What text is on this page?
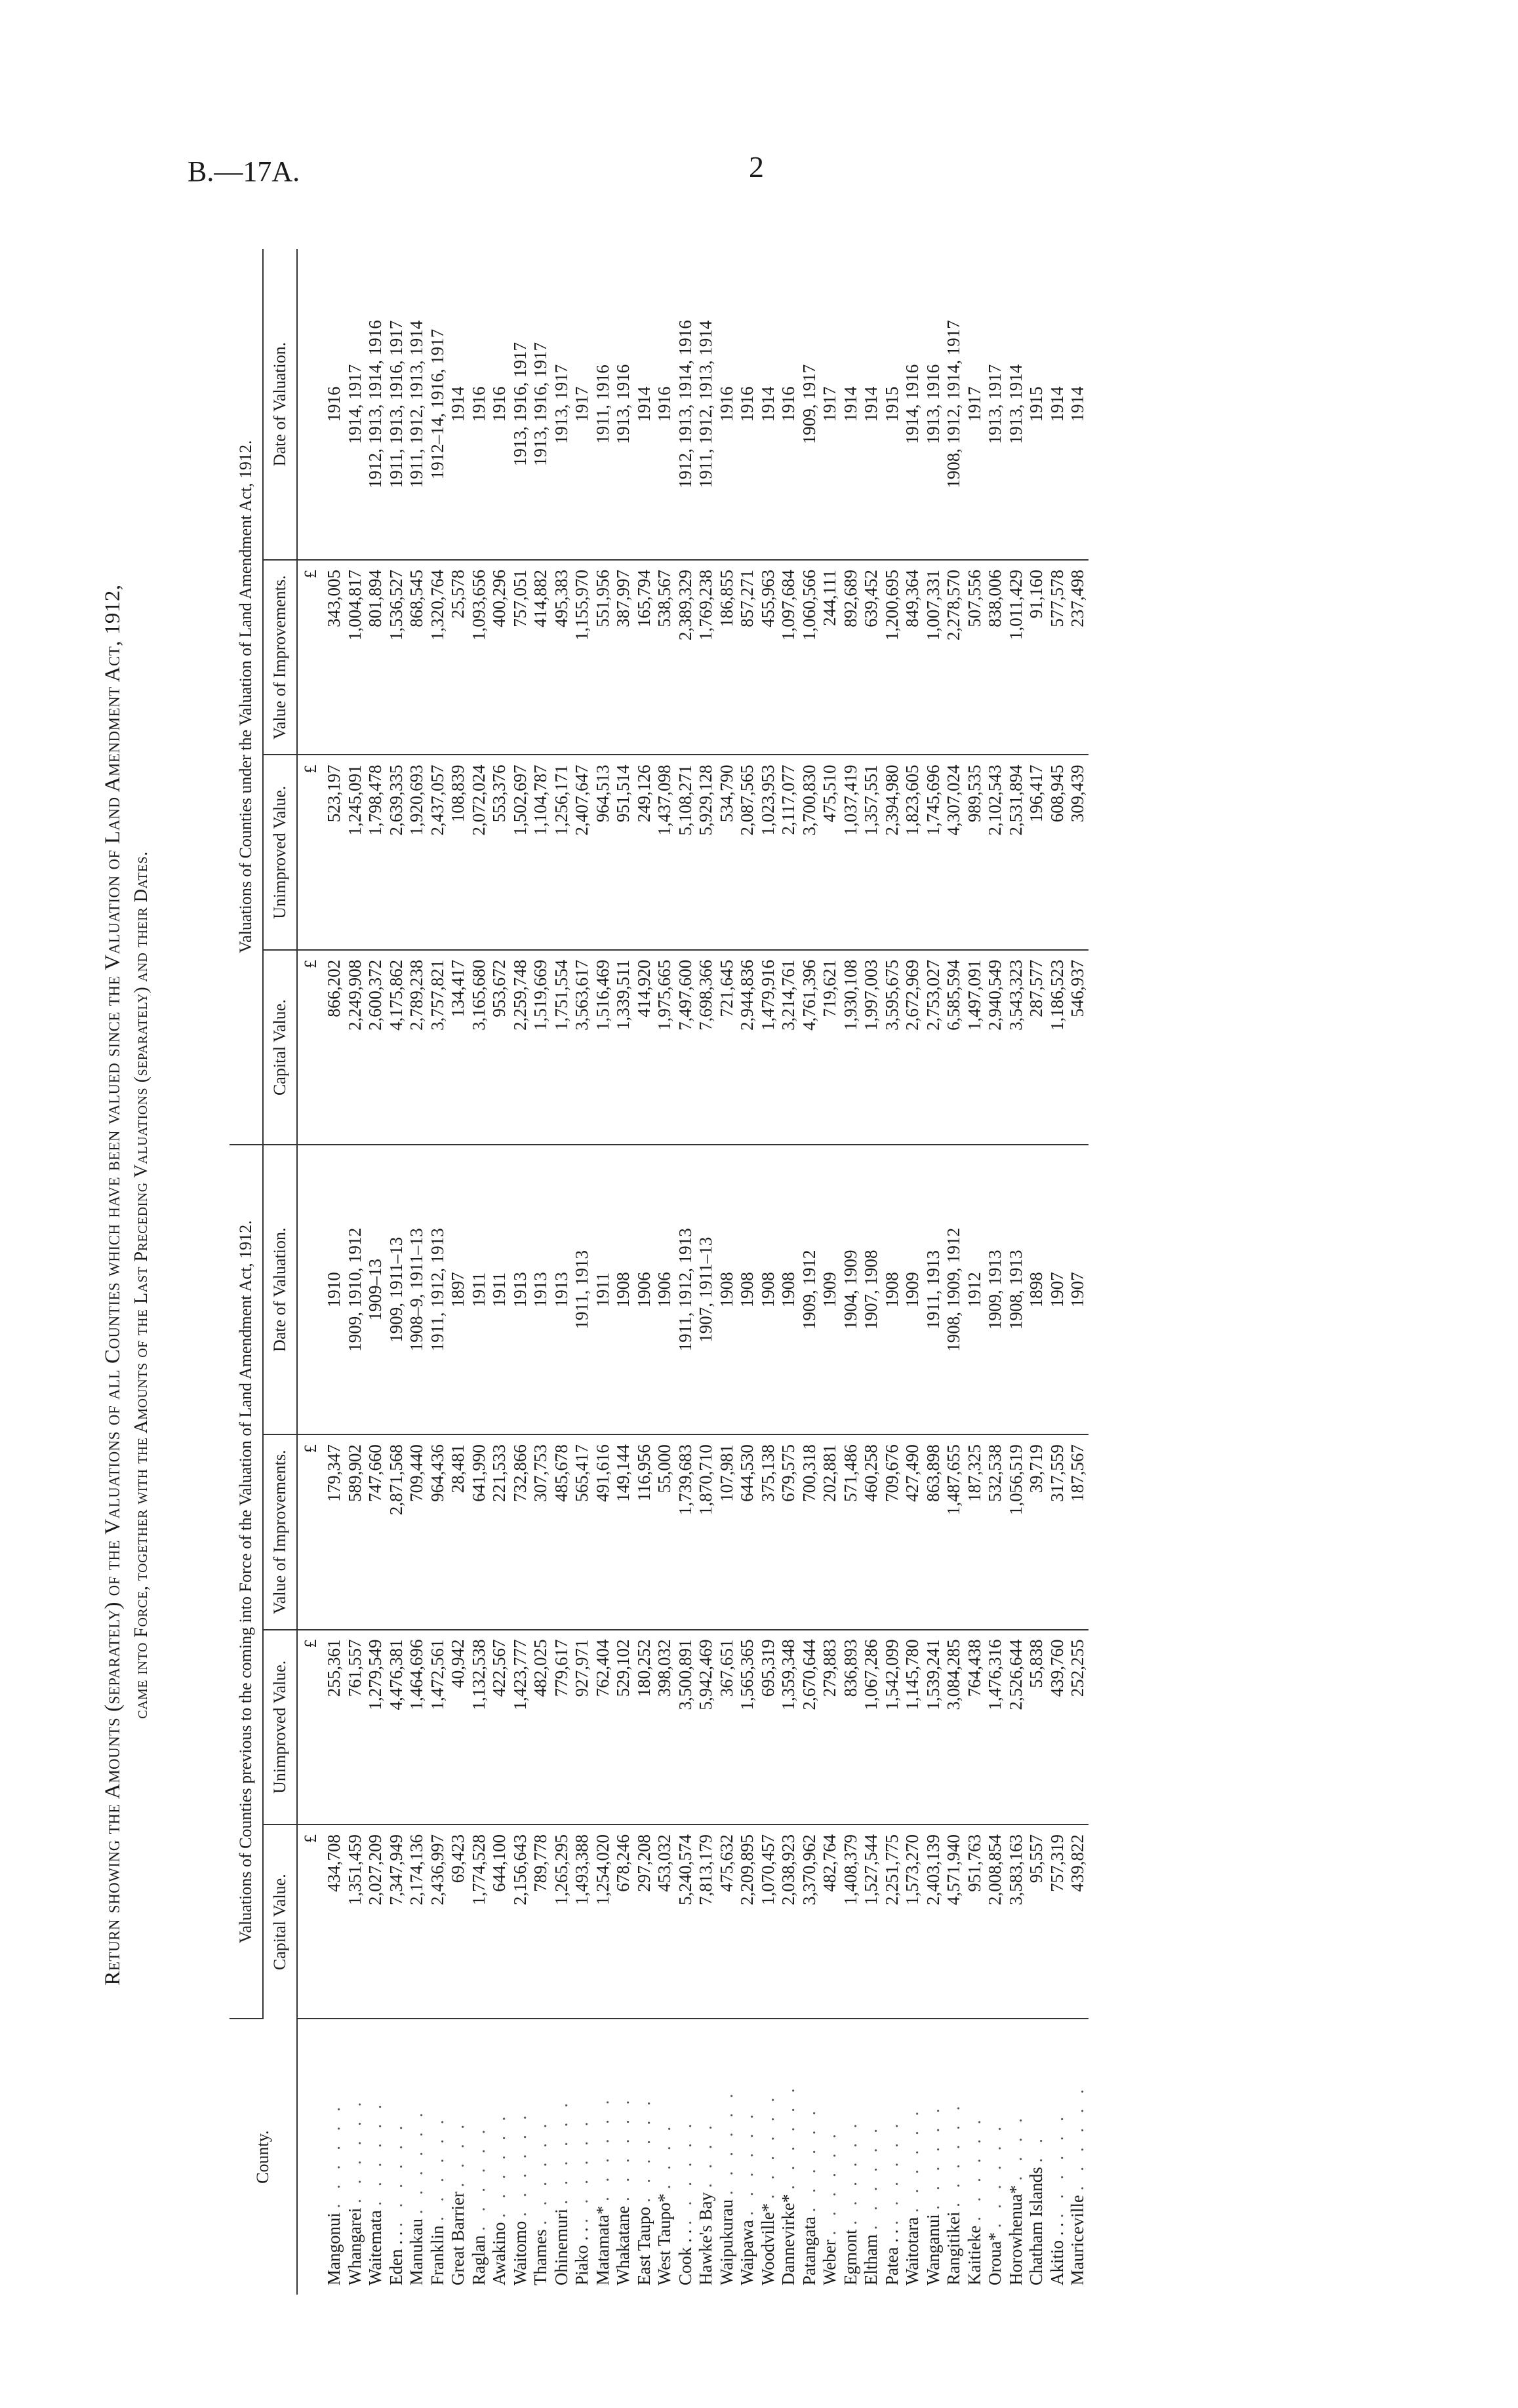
B.—17A.	2
Return showing the Amounts (separately) of the Valuations of all Counties which have been valued since the Valuation of Land Amendment Act, 1912, came into Force, together with the Amounts of the Last Preceding Valuations (separately) and their Dates.
County.	Valuations of Counties previous to the coming into Force of the Valuation of Land Amendment Act, 1912.				Valuations of Counties under the Valuation of Land Amendment Act, 1912.			
	Capital Value.	Unimproved Value.	Value of Improvements.	Date of Valuation.	Capital Value.	Unimproved Value.	Value of Improvements.	Date of Valuation.
	£	£	£		£	£	£	
Mangonui . . . . . .	434,708	255,361	179,347	1910	866,202	523,197	343,005	1916
Whangarei . . . . . .	1,351,459	761,557	589,902	1909, 1910, 1912	2,249,908	1,245,091	1,004,817	1914, 1917
Waitemata . . . . . .	2,027,209	1,279,549	747,660	1909–13	2,600,372	1,798,478	801,894	1912, 1913, 1914, 1916
Eden . . . . . . . .	7,347,949	4,476,381	2,871,568	1909, 1911–13	4,175,862	2,639,335	1,536,527	1911, 1913, 1916, 1917
Manukau . . . . . .	2,174,136	1,464,696	709,440	1908–9, 1911–13	2,789,238	1,920,693	868,545	1911, 1912, 1913, 1914
Franklin . . . . . .	2,436,997	1,472,561	964,436	1911, 1912, 1913	3,757,821	2,437,057	1,320,764	1912–14, 1916, 1917
Great Barrier . . . .	69,423	40,942	28,481	1897	134,417	108,839	25,578	1914
Raglan . . . . . .	1,774,528	1,132,538	641,990	1911	3,165,680	2,072,024	1,093,656	1916
Awakino . . . . . .	644,100	422,567	221,533	1911	953,672	553,376	400,296	1916
Waitomo . . . . . .	2,156,643	1,423,777	732,866	1913	2,259,748	1,502,697	757,051	1913, 1916, 1917
Thames . . . . . .	789,778	482,025	307,753	1913	1,519,669	1,104,787	414,882	1913, 1916, 1917
Ohinemuri . . . . . .	1,265,295	779,617	485,678	1913	1,751,554	1,256,171	495,383	1913, 1917
Piako . . . . . . . .	1,493,388	927,971	565,417	1911, 1913	3,563,617	2,407,647	1,155,970	1917
Matamata* . . . . . .	1,254,020	762,404	491,616	1911	1,516,469	964,513	551,956	1911, 1916
Whakatane . . . . . .	678,246	529,102	149,144	1908	1,339,511	951,514	387,997	1913, 1916
East Taupo . . . . . .	297,208	180,252	116,956	1906	414,920	249,126	165,794	1914
West Taupo* . . . .	453,032	398,032	55,000	1906	1,975,665	1,437,098	538,567	1916
Cook . . . . . . . .	5,240,574	3,500,891	1,739,683	1911, 1912, 1913	7,497,600	5,108,271	2,389,329	1912, 1913, 1914, 1916
Hawke's Bay . . . .	7,813,179	5,942,469	1,870,710	1907, 1911–13	7,698,366	5,929,128	1,769,238	1911, 1912, 1913, 1914
Waipukurau . . . . . .	475,632	367,651	107,981	1908	721,645	534,790	186,855	1916
Waipawa . . . . . .	2,209,895	1,565,365	644,530	1908	2,944,836	2,087,565	857,271	1916
Woodville* . . . . . .	1,070,457	695,319	375,138	1908	1,479,916	1,023,953	455,963	1914
Dannevirke* . . . . . .	2,038,923	1,359,348	679,575	1908	3,214,761	2,117,077	1,097,684	1916
Patangata . . . . . .	3,370,962	2,670,644	700,318	1909, 1912	4,761,396	3,700,830	1,060,566	1909, 1917
Weber . . . . . .	482,764	279,883	202,881	1909	719,621	475,510	244,111	1917
Egmont . . . . . .	1,408,379	836,893	571,486	1904, 1909	1,930,108	1,037,419	892,689	1914
Eltham . . . . . .	1,527,544	1,067,286	460,258	1907, 1908	1,997,003	1,357,551	639,452	1914
Patea . . . . . . . .	2,251,775	1,542,099	709,676	1908	3,595,675	2,394,980	1,200,695	1915
Waitotara . . . . . .	1,573,270	1,145,780	427,490	1909	2,672,969	1,823,605	849,364	1914, 1916
Wanganui . . . . . .	2,403,139	1,539,241	863,898	1911, 1913	2,753,027	1,745,696	1,007,331	1913, 1916
Rangitikei . . . . . .	4,571,940	3,084,285	1,487,655	1908, 1909, 1912	6,585,594	4,307,024	2,278,570	1908, 1912, 1914, 1917
Kaitieke . . . . . .	951,763	764,438	187,325	1912	1,497,091	989,535	507,556	1917
Oroua* . . . . . .	2,008,854	1,476,316	532,538	1909, 1913	2,940,549	2,102,543	838,006	1913, 1917
Horowhenua* . . . .	3,583,163	2,526,644	1,056,519	1908, 1913	3,543,323	2,531,894	1,011,429	1913, 1914
Chatham Islands . .	95,557	55,838	39,719	1898	287,577	196,417	91,160	1915
Akitio . . . . . . . .	757,319	439,760	317,559	1907	1,186,523	608,945	577,578	1914
Mauriceville . . . . . .	439,822	252,255	187,567	1907	546,937	309,439	237,498	1914
